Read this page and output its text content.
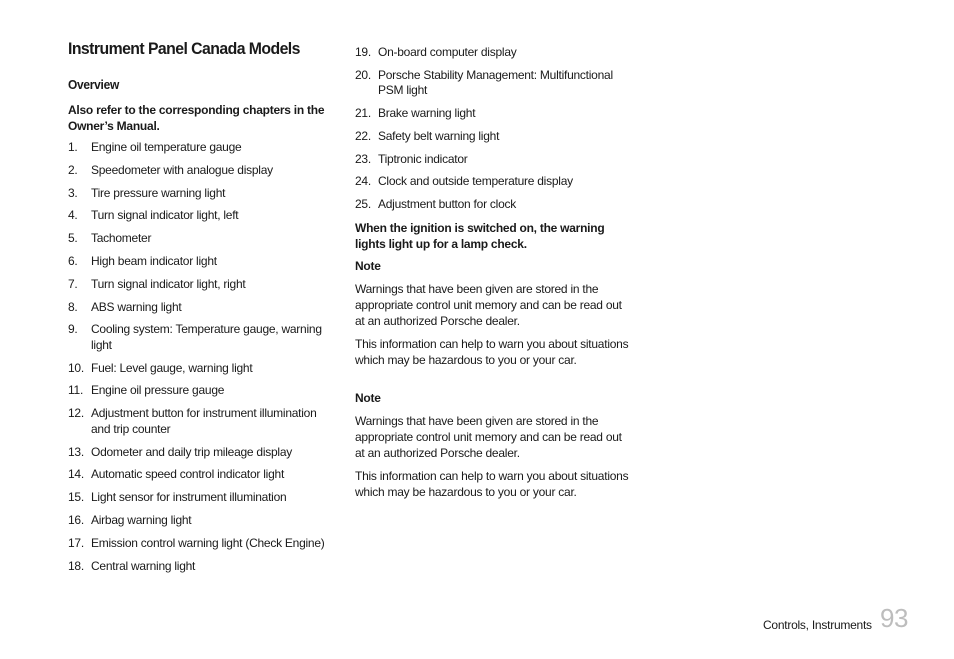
Instrument Panel Canada Models
Overview

Also refer to the corresponding chapters in the Owner’s Manual.

1. Engine oil temperature gauge
2. Speedometer with analogue display
3. Tire pressure warning light
4. Turn signal indicator light, left
5. Tachometer
6. High beam indicator light
7. Turn signal indicator light, right
8. ABS warning light
9. Cooling system: Temperature gauge, warning light
10. Fuel: Level gauge, warning light
11. Engine oil pressure gauge
12. Adjustment button for instrument illumination and trip counter
13. Odometer and daily trip mileage display
14. Automatic speed control indicator light
15. Light sensor for instrument illumination
16. Airbag warning light
17. Emission control warning light (Check Engine)
18. Central warning light
19. On-board computer display
20. Porsche Stability Management: Multifunctional PSM light
21. Brake warning light
22. Safety belt warning light
23. Tiptronic indicator
24. Clock and outside temperature display
25. Adjustment button for clock

When the ignition is switched on, the warning lights light up for a lamp check.

Note

Warnings that have been given are stored in the appropriate control unit memory and can be read out at an authorized Porsche dealer.

This information can help to warn you about situations which may be hazardous to you or your car.

Note

Warnings that have been given are stored in the appropriate control unit memory and can be read out at an authorized Porsche dealer.

This information can help to warn you about situations which may be hazardous to you or your car.

Controls, Instruments 93
